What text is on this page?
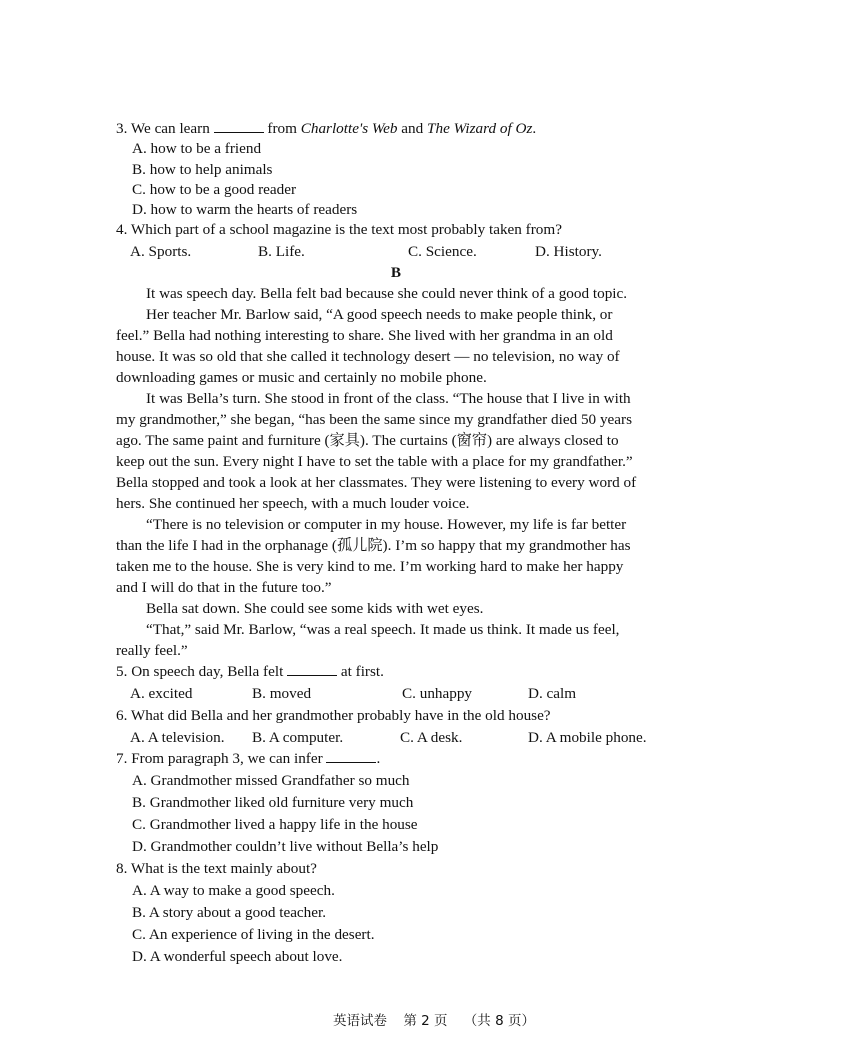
3. We can learn	from Charlotte's Web and The Wizard of Oz.
A. how to be a friend
B. how to help animals
C. how to be a good reader
D. how to warm the hearts of readers
4. Which part of a school magazine is the text most probably taken from?
A. Sports.	B. Life.	C. Science.	D. History.
B
It was speech day. Bella felt bad because she could never think of a good topic.
Her teacher Mr. Barlow said, “A good speech needs to make people think, or
feel.” Bella had nothing interesting to share. She lived with her grandma in an old
house. It was so old that she called it technology desert — no television, no way of
downloading games or music and certainly no mobile phone.
It was Bella’s turn. She stood in front of the class. “The house that I live in with
my grandmother,” she began, “has been the same since my grandfather died 50 years
ago. The same paint and furniture (家具). The curtains (窗帘) are always closed to
keep out the sun. Every night I have to set the table with a place for my grandfather.”
Bella stopped and took a look at her classmates. They were listening to every word of
hers. She continued her speech, with a much louder voice.
“There is no television or computer in my house. However, my life is far better
than the life I had in the orphanage (孤儿院). I’m so happy that my grandmother has
taken me to the house. She is very kind to me. I’m working hard to make her happy
and I will do that in the future too.”
Bella sat down. She could see some kids with wet eyes.
“That,” said Mr. Barlow, “was a real speech. It made us think. It made us feel,
really feel.”
5. On speech day, Bella felt	at first.
A. excited	B. moved	C. unhappy	D. calm
6. What did Bella and her grandmother probably have in the old house?
A. A television.	B. A computer.	C. A desk.	D. A mobile phone.
7. From paragraph 3, we can infer	.
A. Grandmother missed Grandfather so much
B. Grandmother liked old furniture very much
C. Grandmother lived a happy life in the house
D. Grandmother couldn’t live without Bella’s help
8. What is the text mainly about?
A. A way to make a good speech.
B. A story about a good teacher.
C. An experience of living in the desert.
D. A wonderful speech about love.
英语试卷 第 2 页 （共 8 页）
